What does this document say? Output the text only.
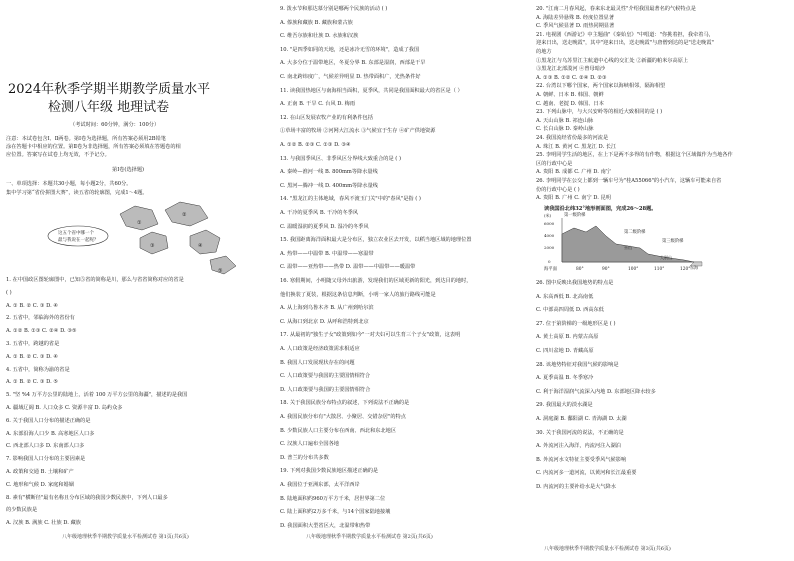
2024年秋季学期半期教学质量水平
检测八年级 地理试卷
（考试时间：60分钟，满分：100分）
注意：本试卷包含Ⅰ、Ⅱ两卷。第Ⅰ卷为选择题，所有答案必须用2B铅笔
涂在答题卡中相应的位置。第Ⅱ卷为非选择题，所有答案必须填在答题卷的相
应位置。答案写在试卷上均无效，不予记分。
第Ⅰ卷(选择题)
一、单项选择：本题共30小题，每小题2分，共60分。
集中学习第“省份拼图大赛”，读五省的轮廓图，完成1～4题。
这五个省中哪一个
最与我说在一起呢？
①
②
③	④
⑤
1. 在中国政区图轮廓图中，已知⑤省的简称是川，那么与省省简称对应的省是
( )
A. ① B. ② C. ③ D. ④
2. 五省中，邻临海外的省份有
A. ①② B. ①③ C. ②④ D. ③⑤
3. 五省中，跨越的省是
A. ① B. ② C. ③ D. ④
4. 五省中，简称为渝的省是
A. ① B. ② C. ③ D. ⑤
5. "坚 %4 万平方公里的陆地上，活着 100 万平方公里的海疆"，描述的是我国
A. 疆域辽阔 B. 人口众多 C. 资源丰富 D. 岛屿众多
6. 关于我国人口分布的描述正确的是
A. 东部沿海人口少 B. 高寒地区人口多
C. 西北部人口多 D. 东南部人口多
7. 影响我国人口分布的主要因素是
A. 政策和交通 B. 土壤和矿产
C. 地形和气候 D. 家庭和婚姻
8. 素有"横断径"最有名称且分布区域的我国少数民族中，下列人口最多
的少数民族是
A. 汉族 B. 满族 C. 壮族 D. 藏族
八年级地理秋季半期教学质量水平检测试卷 第1页(共6页)
9. 泼水节和那达慕分别是哪两个民族的活动 ( )
A. 傣族和藏族 B. 藏族和蒙古族
C. 维吾尔族和壮族 D. 水族和汉族
10. "是四季如同的天地，还是冰冷无雪的环境"，造成了我国
A. 大多分位于温带地区，冬夏分界 B. 东部是湿润，西部是干旱
C. 南北跨纬度广，气候差异明显 D. 热带面积广，光热条件好
11. 读我国热地区与南海相当面积，夏季风，共同是我国面积最大的省区是（ ）
A. 正南 B. 干旱 C. 台风 D. 梅雨
12. 在山区发展农牧产业的有利条件包括
①草场丰富的牧场 ②河网大江流水 ③气候宜于生存 ④矿产供地资源
A. ①② B. ②③ C. ①③ D. ③④
13. 与我国季风区、非季风区分界线大致重合的是 ( )
A. 秦岭—淮河一线 B. 800mm等降水量线
C. 黑河—腾冲一线 D. 400mm等降水量线
14. "黑龙江的主体地域，春风不渡玉门关"中的"春风"是指 ( )
A. 干冷的夏季风 B. 干冷的冬季风
C. 温暖湿润的夏季风 D. 湿冷的冬季风
15. 我国距离海洋面积最大是分布区，独立农业区去开发，以稻当地区域的地理位置
A. 热带——中温带 B. 中温带——寒温带
C. 温带——亚热带——热带 D. 温带——中温带——暖温带
16. 寒假期间，小明随父母外出旅游，发现我们的区域更新的阳光，到达目的地时，
他们换装了夏装，根据这条信息判断，小明一家人的旅行路线可能是
A. 从上海到乌鲁木齐 B. 从广州到哈尔滨
C. 从海口到北京 D. 从呼和浩特到北京
17. 从最初的"独生子女"政策到如今"一对夫妇可以生育三个子女"政策，这表明
A. 人口政策是经济政策需求相适应
B. 我国人口发展现状存在的问题
C. 人口政策要与我国的主要国情相符合
D. 人口政策要与我国的主要国情相符合
18. 关于我国民族分布特点的叙述，下列说法不正确的是
A. 我国民族分布有"大散居、小聚居、交错杂居"的特点
B. 少数民族人口主要分布在西南、西北和东北地区
C. 汉族人口遍布全国各地
D. 普兰的分布共多数
19. 下列对我国少数民族地区描述正确的是
A. 我国位于亚洲东部，太平洋西岸
B. 陆地面积约960万平方千米，居世界第二位
C. 陆上面积约2万多千米，与14个国家陆地接壤
D. 我国面积大型省区大，北温带和热带
八年级地理秋季半期教学质量水平检测试卷 第2页(共6页)
20. "江南二月春风起，春来东北最灵性"介绍我国最著名的气候特点是
A. 海陆差异悬殊 B. 经度位置显著
C. 季风气候显著 D. 雨热同期显著
21. 电视剧《西游记》中主题曲"《秦始皇》"中唱道："你挑着担，我牵着马，
迎来日出，送走晚霞"，其中"迎来日出，送走晚霞"与唐僧到达的是"送走晚霞"
的地方
①黑龙江与乌苏里江主航道中心线的交汇处 ②新疆的帕米尔高原上
③黑龙江北部漠河 ④曾母暗沙
A. ①③ B. ①② C. ②④ D. ②③
22. 台湾以下哪个国家，两个国家以海峡相邻，隔海相望
A. 朝鲜、日本 B. 韩国、朝鲜
C. 越南、老挝 D. 韩国、日本
23. 下列山脉中，与大兴安岭等的相近大致相同的是 ( )
A. 天山山脉 B. 祁连山脉
C. 长白山脉 D. 秦岭山脉
24. 我国流经省份最多的河流是
A. 珠江 B. 黄河 C. 黑龙江 D. 长江
25. 李明同学生活的地区，在上下是两不多得的有作物，根据这个区域做作为当地各作
区的行政中心是
A. 贵阳 B. 成都 C. 广州 D. 南宁
26. 李明同学在公交上都到一辆车号为"桂A55066"的小汽车，这辆车可能来自省
份的行政中心是 ( )
A. 贵阳 B. 广州 C. 南宁 D. 昆明
读我国沿北纬32°地形剖面图，完成26～28题。
第一级阶梯
第二级阶梯
第三级阶梯
(米)
6000
4000
2000
0
海平面	80°	90°	100°	110°	120°
巫山
大别山
东海
26. 图中反映出我国地势的特点是
A. 东高西低 B. 北高南低
C. 中部高四周低 D. 西高东低
27. 位于第阶梯的一级地形区是 ( )
A. 黄土高原 B. 内蒙古高原
C. 四川盆地 D. 青藏高原
28. 该地势特征对我国气候的影响是
A. 夏季高温 B. 冬季寒冷
C. 利于海洋湿润气流深入内地 D. 东部地区降水较多
29. 我国最大的淡水湖是
A. 洞庭湖 B. 鄱阳湖 C. 青海湖 D. 太湖
30. 关于我国河流的说法，不正确的是
A. 外流河注入海洋，内流河注入湖泊
B. 外流河水文特征主要受季风气候影响
C. 内流河多一道河流，以黄河和长江最重要
D. 内流河的主要补给水是大气降水
八年级地理秋季半期教学质量水平检测试卷 第3页(共6页)
